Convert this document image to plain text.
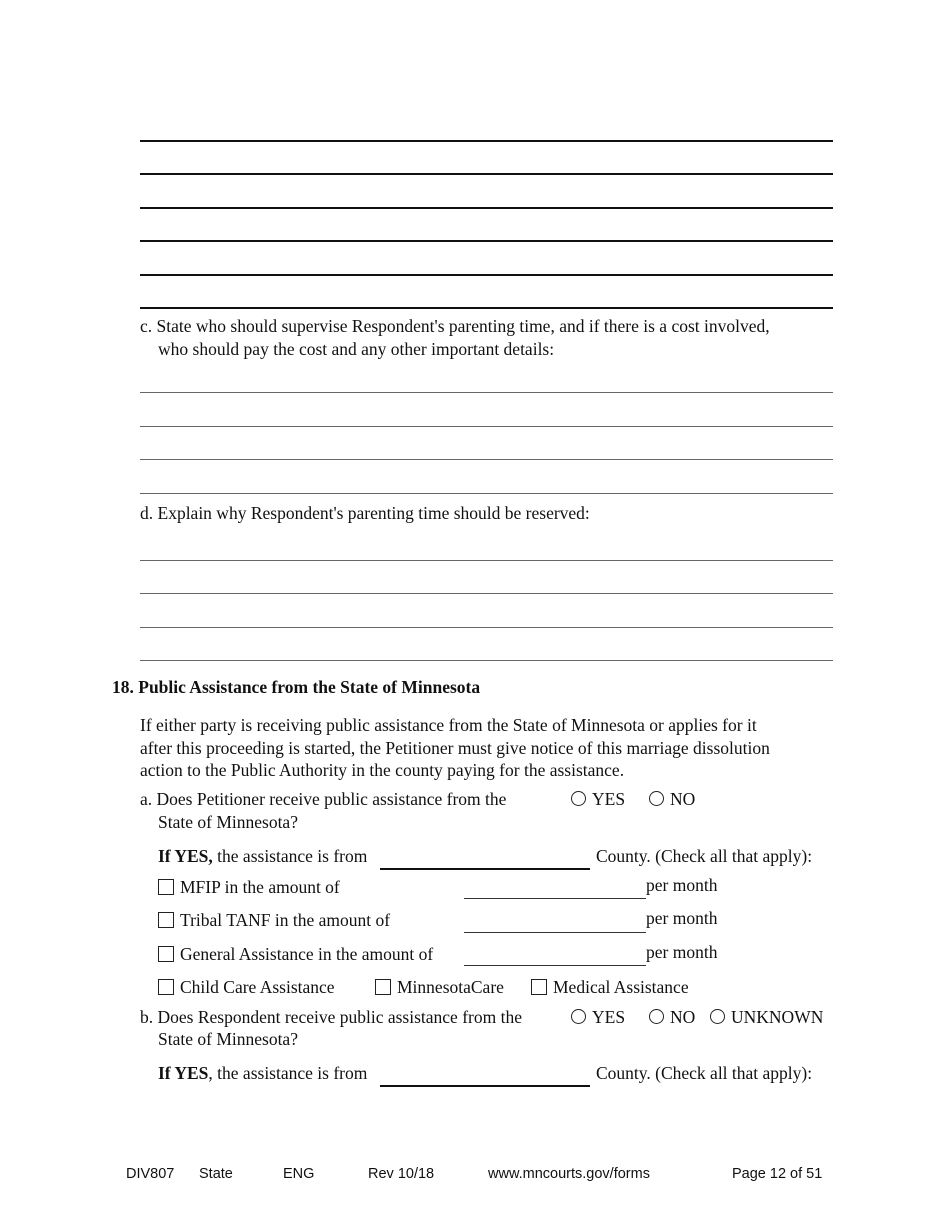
c. State who should supervise Respondent's parenting time, and if there is a cost involved,
who should pay the cost and any other important details:
d. Explain why Respondent's parenting time should be reserved:
18. Public Assistance from the State of Minnesota
If either party is receiving public assistance from the State of Minnesota or applies for it
after this proceeding is started, the Petitioner must give notice of this marriage dissolution
action to the Public Authority in the county paying for the assistance.
a. Does Petitioner receive public assistance from the
State of Minnesota?
YES	NO
If YES, the assistance is from	County. (Check all that apply):
MFIP in the amount of	per month
Tribal TANF in the amount of	per month
General Assistance in the amount of	per month
Child Care Assistance	MinnesotaCare	Medical Assistance
b. Does Respondent receive public assistance from the
State of Minnesota?
YES	NO	UNKNOWN
If YES, the assistance is from	County. (Check all that apply):
DIV807 State	ENG	Rev 10/18	www.mncourts.gov/forms	Page 12 of 51
